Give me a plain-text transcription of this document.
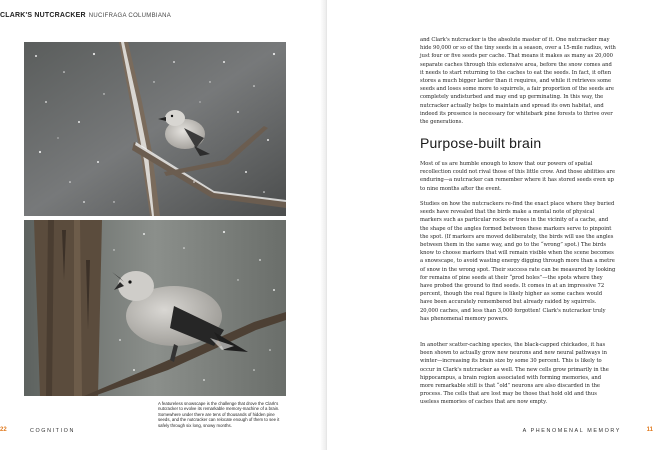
CLARK'S NUTCRACKER NUCIFRAGA COLUMBIANA
A featureless snowscape is the challenge that drove the Clark's nutcracker to evolve its remarkable memory-machine of a brain. Somewhere under there are tens of thousands of hidden pine seeds, and the nutcracker can relocate enough of them to see it safely through six long, snowy months.
22	COGNITION	11
A PHENOMENAL MEMORY

and Clark's nutcracker is the absolute master of it. One nutcracker may hide 90,000 or so of the tiny seeds in a season, over a 15-mile radius, with just four or five seeds per cache. That means it makes as many as 20,000 separate caches through this extensive area, before the snow comes and it needs to start returning to the caches to eat the seeds. In fact, it often stores a much bigger larder than it requires, and while it retrieves some seeds and loses some more to squirrels, a fair proportion of the seeds are completely undisturbed and may end up germinating. In this way, the nutcracker actually helps to maintain and spread its own habitat, and indeed its presence is necessary for whitebark pine forests to thrive over the generations.

Purpose-built brain

Most of us are humble enough to know that our powers of spatial recollection could not rival those of this little crow. And those abilities are enduring—a nutcracker can remember where it has stored seeds even up to nine months after the event.

Studies on how the nutcrackers re-find the exact place where they buried seeds have revealed that the birds make a mental note of physical markers such as particular rocks or trees in the vicinity of a cache, and the shape of the angles formed between these markers serve to pinpoint the spot. (If markers are moved deliberately, the birds will use the angles between them in the same way, and go to the “wrong” spot.) The birds know to choose markers that will remain visible when the scene becomes a snowscape, to avoid wasting energy digging through more than a metre of snow in the wrong spot. Their success rate can be measured by looking for remains of pine seeds at their “prod holes”—the spots where they have probed the ground to find seeds. It comes in at an impressive 72 percent, though the real figure is likely higher as some caches would have been accurately remembered but already raided by squirrels. 20,000 caches, and less than 3,000 forgotten! Clark's nutcracker truly has phenomenal memory powers.

In another scatter-caching species, the black-capped chickadee, it has been shown to actually grow new neurons and new neural pathways in winter—increasing its brain size by some 30 percent. This is likely to occur in Clark's nutcracker as well. The new cells grow primarily in the hippocampus, a brain region associated with forming memories, and more remarkable still is that “old” neurons are also discarded in the process. The cells that are lost may be those that hold old and thus useless memories of caches that are now empty.
